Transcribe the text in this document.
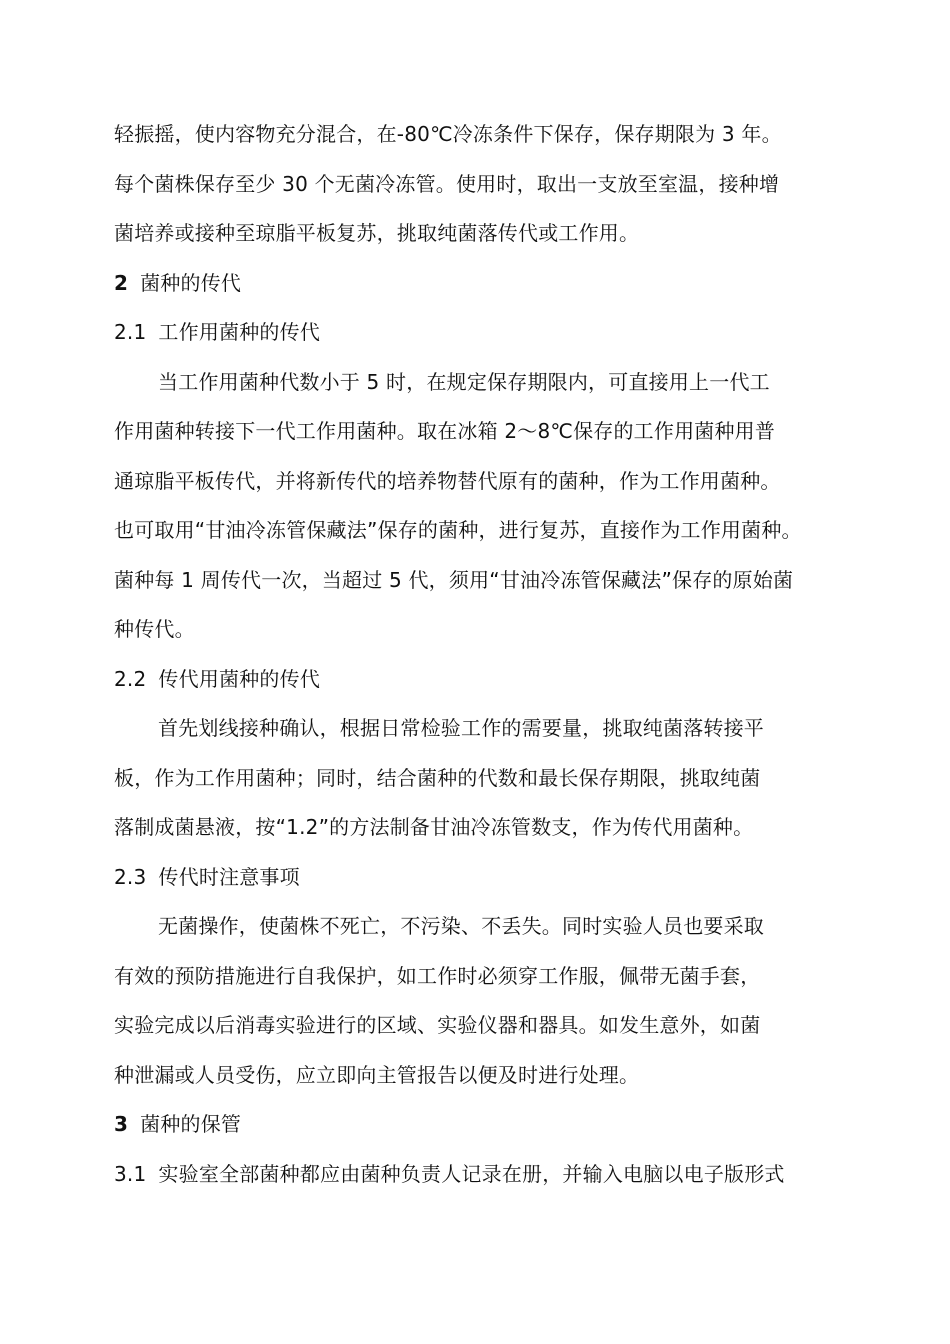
轻振摇，使内容物充分混合，在-80℃冷冻条件下保存，保存期限为 3 年。
每个菌株保存至少 30 个无菌冷冻管。使用时，取出一支放至室温，接种增
菌培养或接种至琼脂平板复苏，挑取纯菌落传代或工作用。
2 菌种的传代
2.1 工作用菌种的传代
当工作用菌种代数小于 5 时，在规定保存期限内，可直接用上一代工
作用菌种转接下一代工作用菌种。取在冰箱 2～8℃保存的工作用菌种用普
通琼脂平板传代，并将新传代的培养物替代原有的菌种，作为工作用菌种。
也可取用“甘油冷冻管保藏法”保存的菌种，进行复苏，直接作为工作用菌种。
菌种每 1 周传代一次，当超过 5 代，须用“甘油冷冻管保藏法”保存的原始菌
种传代。
2.2 传代用菌种的传代
首先划线接种确认，根据日常检验工作的需要量，挑取纯菌落转接平
板，作为工作用菌种；同时，结合菌种的代数和最长保存期限，挑取纯菌
落制成菌悬液，按“1.2”的方法制备甘油冷冻管数支，作为传代用菌种。
2.3 传代时注意事项
无菌操作，使菌株不死亡，不污染、不丢失。同时实验人员也要采取
有效的预防措施进行自我保护，如工作时必须穿工作服，佩带无菌手套，
实验完成以后消毒实验进行的区域、实验仪器和器具。如发生意外，如菌
种泄漏或人员受伤，应立即向主管报告以便及时进行处理。
3 菌种的保管
3.1 实验室全部菌种都应由菌种负责人记录在册，并输入电脑以电子版形式
